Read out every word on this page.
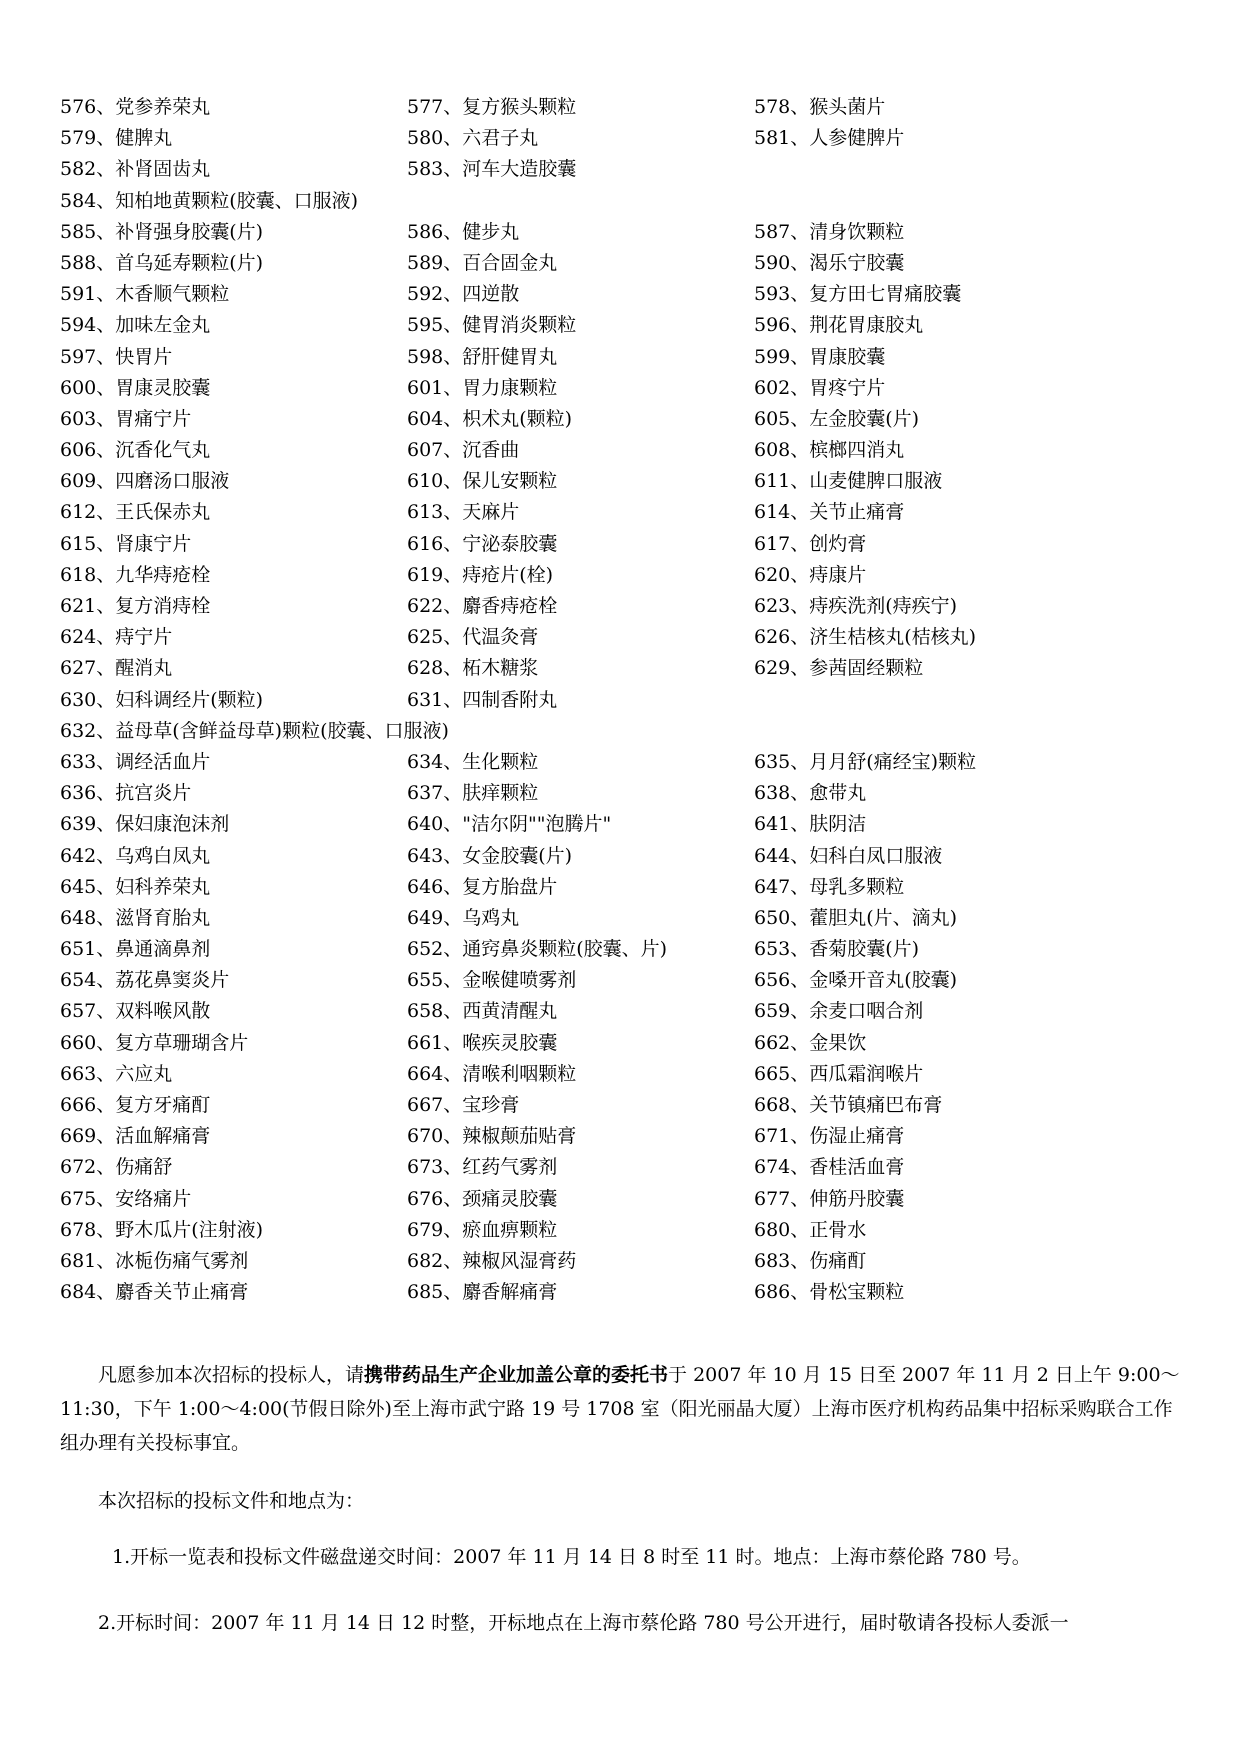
576、党参养荣丸	577、复方猴头颗粒	578、猴头菌片
579、健脾丸	580、六君子丸	581、人参健脾片
582、补肾固齿丸	583、河车大造胶囊
584、知柏地黄颗粒(胶囊、口服液)
585、补肾强身胶囊(片)	586、健步丸	587、清身饮颗粒
588、首乌延寿颗粒(片)	589、百合固金丸	590、渴乐宁胶囊
591、木香顺气颗粒	592、四逆散	593、复方田七胃痛胶囊
594、加味左金丸	595、健胃消炎颗粒	596、荆花胃康胶丸
597、快胃片	598、舒肝健胃丸	599、胃康胶囊
600、胃康灵胶囊	601、胃力康颗粒	602、胃疼宁片
603、胃痛宁片	604、枳术丸(颗粒)	605、左金胶囊(片)
606、沉香化气丸	607、沉香曲	608、槟榔四消丸
609、四磨汤口服液	610、保儿安颗粒	611、山麦健脾口服液
612、王氏保赤丸	613、天麻片	614、关节止痛膏
615、肾康宁片	616、宁泌泰胶囊	617、创灼膏
618、九华痔疮栓	619、痔疮片(栓)	620、痔康片
621、复方消痔栓	622、麝香痔疮栓	623、痔疾洗剂(痔疾宁)
624、痔宁片	625、代温灸膏	626、济生桔核丸(桔核丸)
627、醒消丸	628、柘木糖浆	629、参茜固经颗粒
630、妇科调经片(颗粒)	631、四制香附丸
632、益母草(含鲜益母草)颗粒(胶囊、口服液)
633、调经活血片	634、生化颗粒	635、月月舒(痛经宝)颗粒
636、抗宫炎片	637、肤痒颗粒	638、愈带丸
639、保妇康泡沫剂	640、"洁尔阴""泡腾片"	641、肤阴洁
642、乌鸡白凤丸	643、女金胶囊(片)	644、妇科白凤口服液
645、妇科养荣丸	646、复方胎盘片	647、母乳多颗粒
648、滋肾育胎丸	649、乌鸡丸	650、藿胆丸(片、滴丸)
651、鼻通滴鼻剂	652、通窍鼻炎颗粒(胶囊、片)	653、香菊胶囊(片)
654、荔花鼻窦炎片	655、金喉健喷雾剂	656、金嗓开音丸(胶囊)
657、双料喉风散	658、西黄清醒丸	659、余麦口咽合剂
660、复方草珊瑚含片	661、喉疾灵胶囊	662、金果饮
663、六应丸	664、清喉利咽颗粒	665、西瓜霜润喉片
666、复方牙痛酊	667、宝珍膏	668、关节镇痛巴布膏
669、活血解痛膏	670、辣椒颠茄贴膏	671、伤湿止痛膏
672、伤痛舒	673、红药气雾剂	674、香桂活血膏
675、安络痛片	676、颈痛灵胶囊	677、伸筋丹胶囊
678、野木瓜片(注射液)	679、瘀血痹颗粒	680、正骨水
681、冰栀伤痛气雾剂	682、辣椒风湿膏药	683、伤痛酊
684、麝香关节止痛膏	685、麝香解痛膏	686、骨松宝颗粒
凡愿参加本次招标的投标人，请携带药品生产企业加盖公章的委托书于 2007 年 10 月 15 日至 2007 年 11 月 2 日上午 9:00～11:30，下午 1:00～4:00(节假日除外)至上海市武宁路 19 号 1708 室（阳光丽晶大厦）上海市医疗机构药品集中招标采购联合工作组办理有关投标事宜。
本次招标的投标文件和地点为：
1.开标一览表和投标文件磁盘递交时间：2007 年 11 月 14 日 8 时至 11 时。地点：上海市蔡伦路 780 号。
2.开标时间：2007 年 11 月 14 日 12 时整，开标地点在上海市蔡伦路 780 号公开进行，届时敬请各投标人委派一
